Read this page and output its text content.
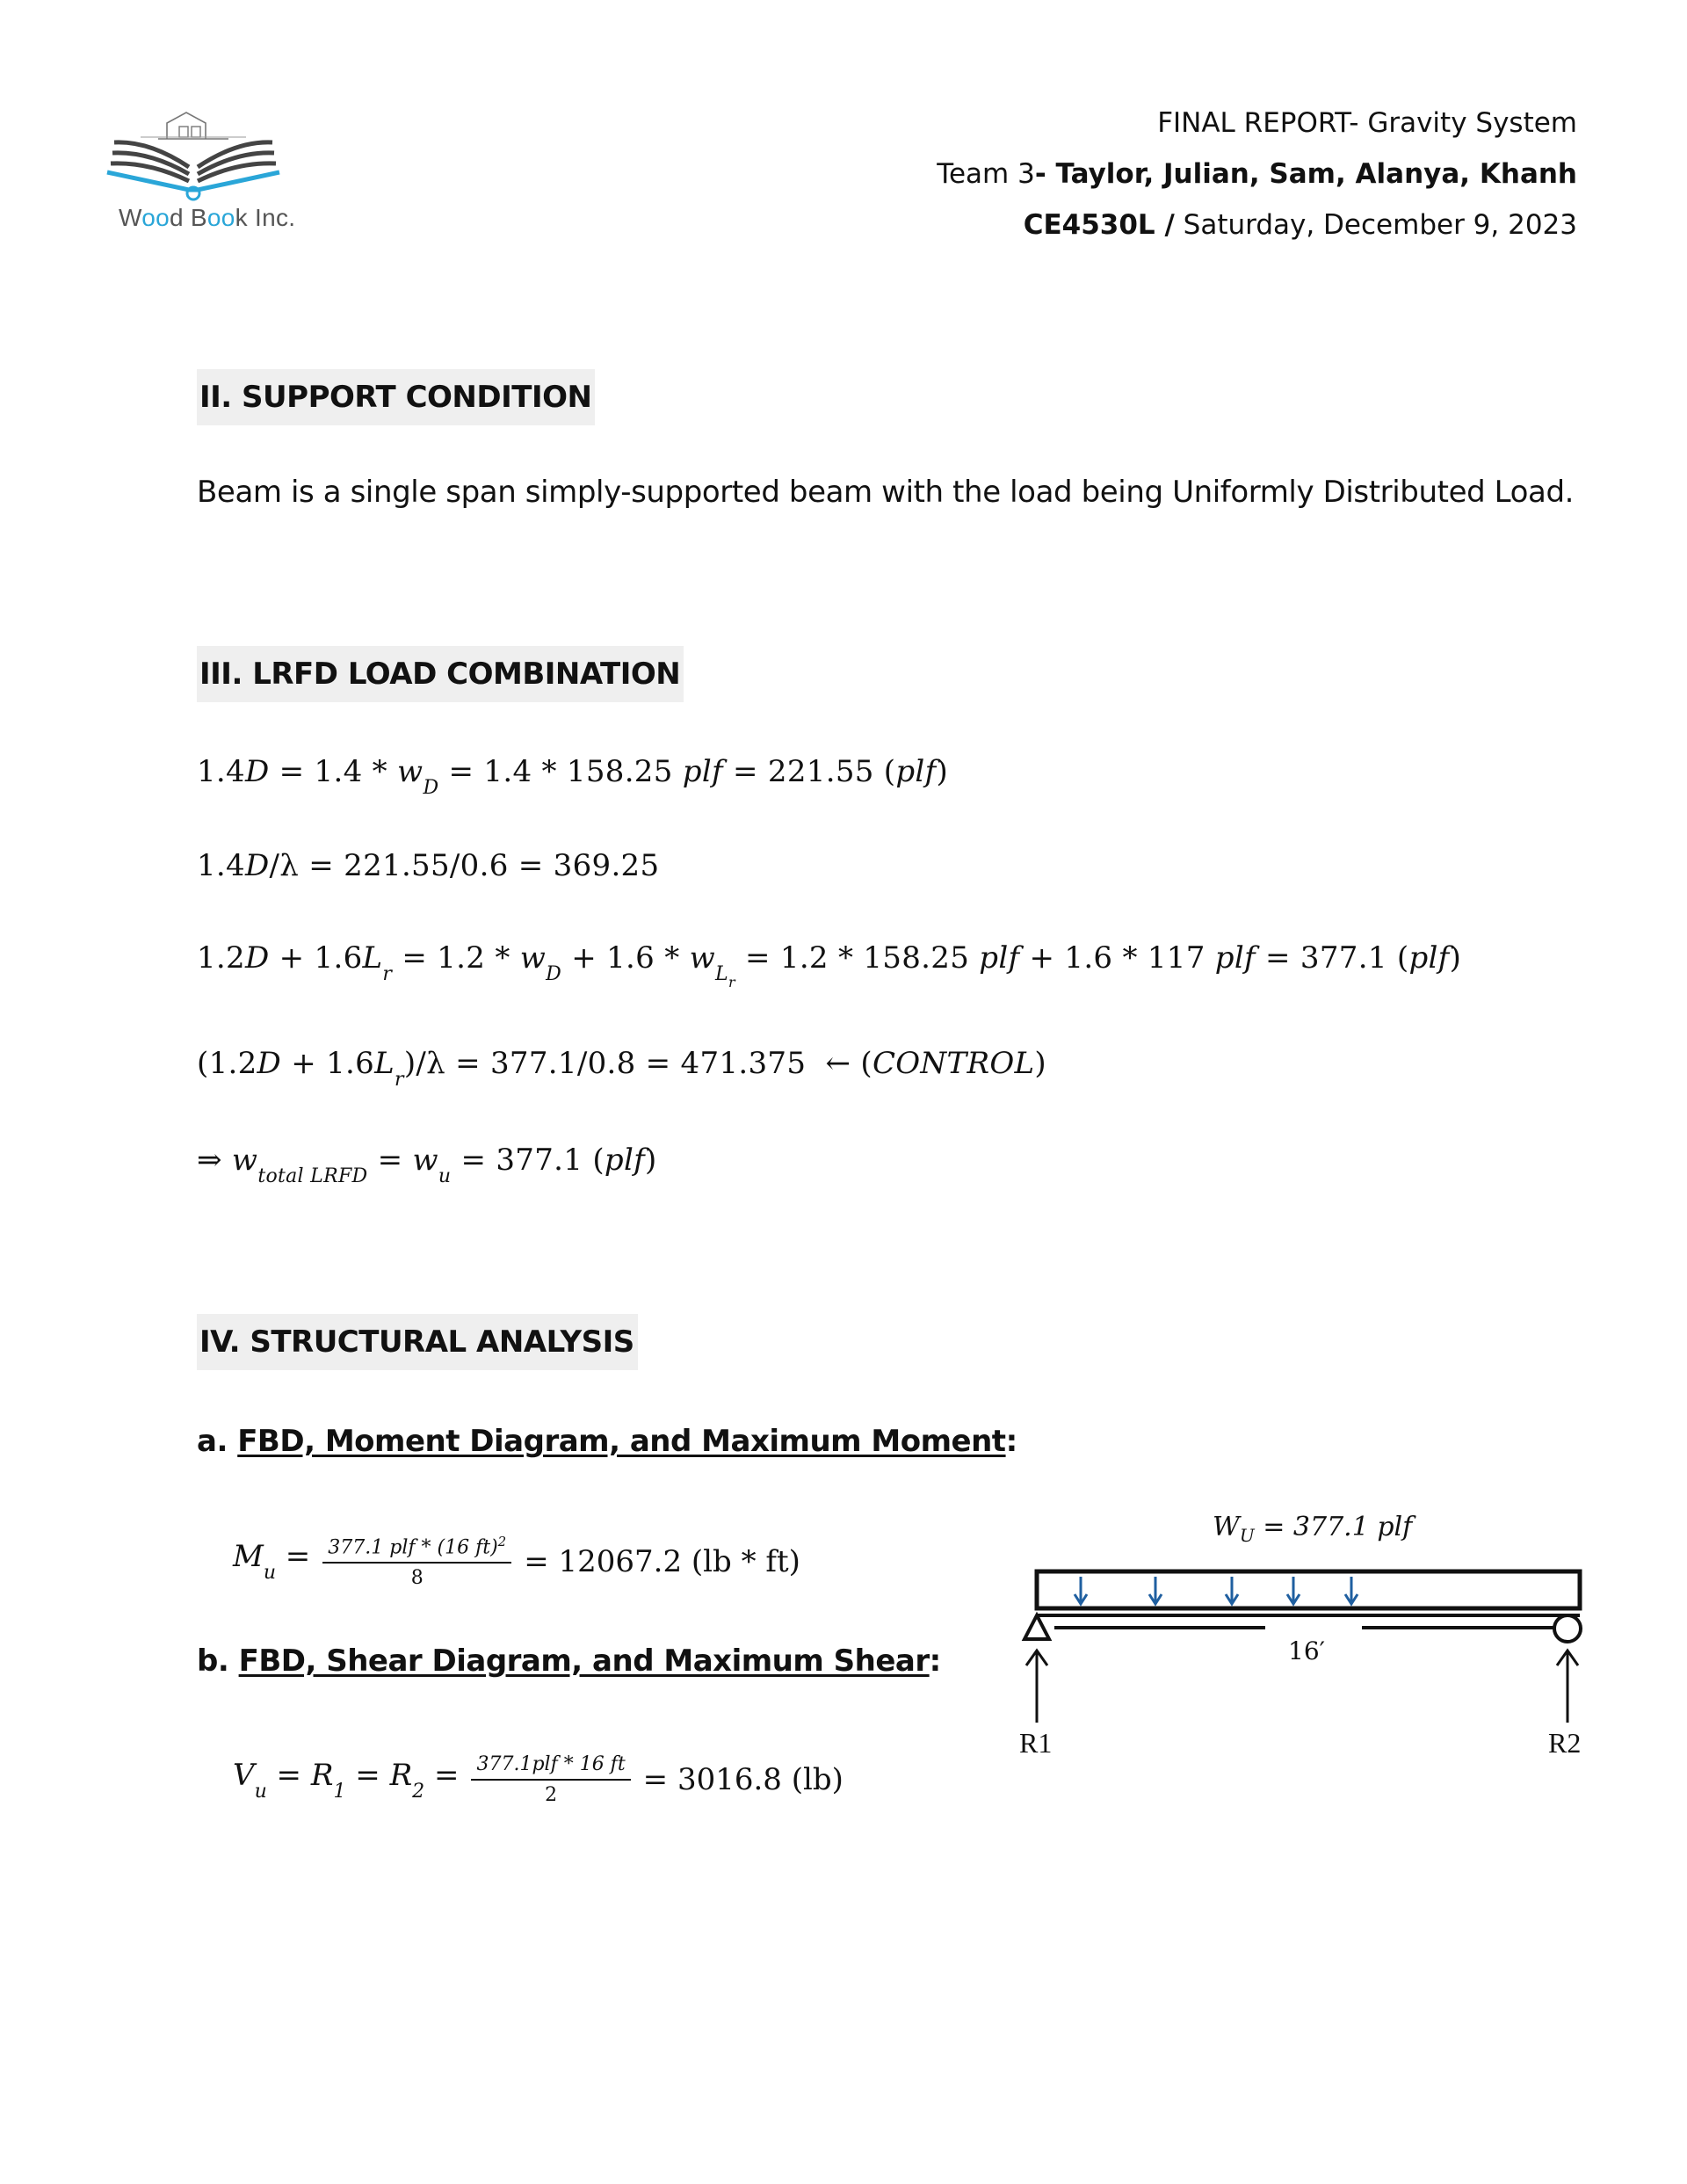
Wood Book Inc.
FINAL REPORT- Gravity System
Team 3- Taylor, Julian, Sam, Alanya, Khanh
CE4530L / Saturday, December 9, 2023
II. SUPPORT CONDITION
Beam is a single span simply-supported beam with the load being Uniformly Distributed Load.
III. LRFD LOAD COMBINATION
$1.4D = 1.4 * w_D = 1.4 * 158.25$ plf = 221.55 (plf)
1.4D/λ = 221.55/0.6 = 369.25
$1.2D + 1.6L_r = 1.2 * w_D + 1.6 * w_{L_r} = 1.2 * 158.25$ plf + 1.6 * 117 plf = 377.1 (plf)
$(1.2D + 1.6L_r)/\lambda = 377.1/0.8 = 471.375$  ← (CONTROL)
⇒ $w_{total LRFD} = w_u = 377.1$ (plf)
IV. STRUCTURAL ANALYSIS
a. FBD, Moment Diagram, and Maximum Moment:
$M_u = \frac{377.1 plf * (16 ft)^2}{8} = 12067.2$ (lb * ft)
b. FBD, Shear Diagram, and Maximum Shear:
$V_u = R_1 = R_2 = \frac{\text{377.1plf * 16 ft}}{2} = 3016.8$ (lb)
$W_U = 377.1$ plf
16′
R1	R2
